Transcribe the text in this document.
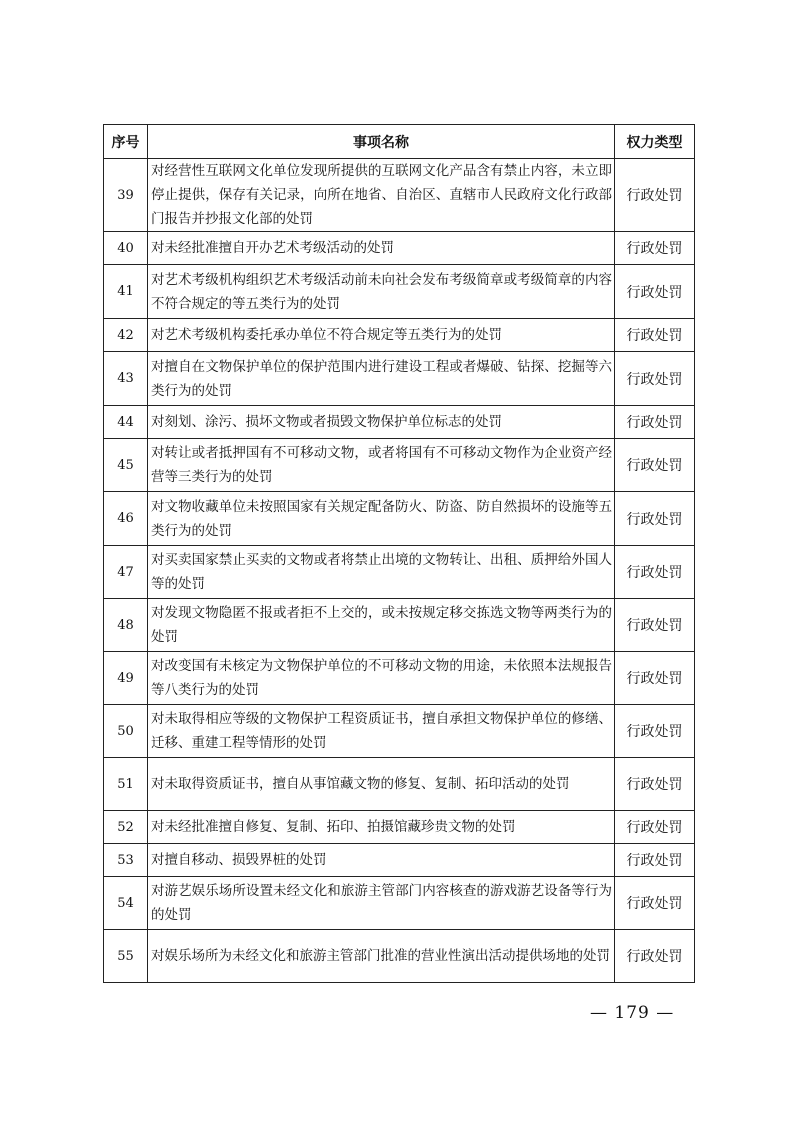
序号	事项名称	权力类型
39	对经营性互联网文化单位发现所提供的互联网文化产品含有禁止内容，未立即停止提供，保存有关记录，向所在地省、自治区、直辖市人民政府文化行政部门报告并抄报文化部的处罚	行政处罚
40	对未经批准擅自开办艺术考级活动的处罚	行政处罚
41	对艺术考级机构组织艺术考级活动前未向社会发布考级简章或考级简章的内容不符合规定的等五类行为的处罚	行政处罚
42	对艺术考级机构委托承办单位不符合规定等五类行为的处罚	行政处罚
43	对擅自在文物保护单位的保护范围内进行建设工程或者爆破、钻探、挖掘等六类行为的处罚	行政处罚
44	对刻划、涂污、损坏文物或者损毁文物保护单位标志的处罚	行政处罚
45	对转让或者抵押国有不可移动文物，或者将国有不可移动文物作为企业资产经营等三类行为的处罚	行政处罚
46	对文物收藏单位未按照国家有关规定配备防火、防盗、防自然损坏的设施等五类行为的处罚	行政处罚
47	对买卖国家禁止买卖的文物或者将禁止出境的文物转让、出租、质押给外国人等的处罚	行政处罚
48	对发现文物隐匿不报或者拒不上交的，或未按规定移交拣选文物等两类行为的处罚	行政处罚
49	对改变国有未核定为文物保护单位的不可移动文物的用途，未依照本法规报告等八类行为的处罚	行政处罚
50	对未取得相应等级的文物保护工程资质证书，擅自承担文物保护单位的修缮、迁移、重建工程等情形的处罚	行政处罚
51	对未取得资质证书，擅自从事馆藏文物的修复、复制、拓印活动的处罚	行政处罚
52	对未经批准擅自修复、复制、拓印、拍摄馆藏珍贵文物的处罚	行政处罚
53	对擅自移动、损毁界桩的处罚	行政处罚
54	对游艺娱乐场所设置未经文化和旅游主管部门内容核查的游戏游艺设备等行为的处罚	行政处罚
55	对娱乐场所为未经文化和旅游主管部门批准的营业性演出活动提供场地的处罚	行政处罚
— 179 —
